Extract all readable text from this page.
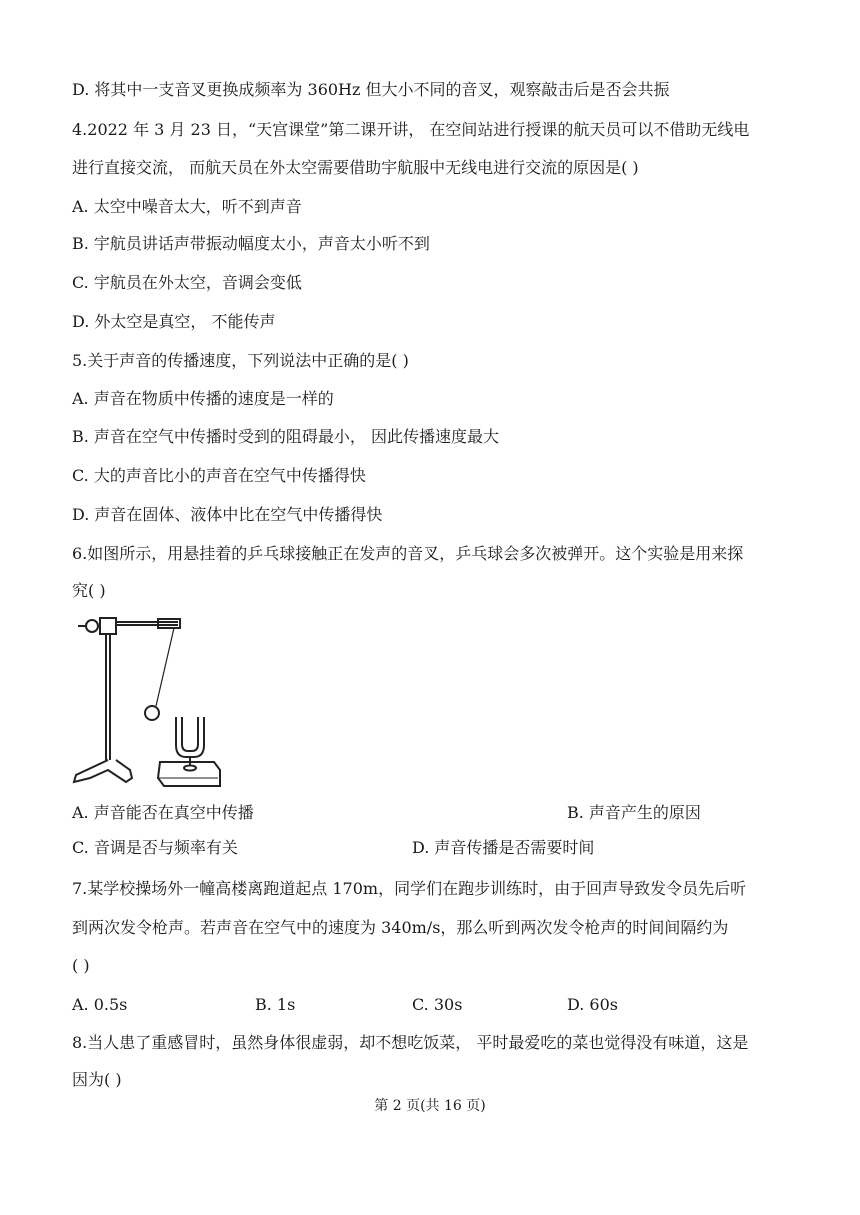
D. 将其中一支音叉更换成频率为 360Hz 但大小不同的音叉，观察敲击后是否会共振
4.2022 年 3 月 23 日，“天宫课堂”第二课开讲， 在空间站进行授课的航天员可以不借助无线电
进行直接交流， 而航天员在外太空需要借助宇航服中无线电进行交流的原因是( )
A. 太空中噪音太大，听不到声音
B. 宇航员讲话声带振动幅度太小，声音太小听不到
C. 宇航员在外太空，音调会变低
D. 外太空是真空， 不能传声
5.关于声音的传播速度，下列说法中正确的是( )
A. 声音在物质中传播的速度是一样的
B. 声音在空气中传播时受到的阻碍最小， 因此传播速度最大
C. 大的声音比小的声音在空气中传播得快
D. 声音在固体、液体中比在空气中传播得快
6.如图所示，用悬挂着的乒乓球接触正在发声的音叉，乒乓球会多次被弹开。这个实验是用来探
究( )
A. 声音能否在真空中传播	B. 声音产生的原因
C. 音调是否与频率有关	D. 声音传播是否需要时间
7.某学校操场外一幢高楼离跑道起点 170m，同学们在跑步训练时，由于回声导致发令员先后听
到两次发令枪声。若声音在空气中的速度为 340m/s，那么听到两次发令枪声的时间间隔约为
( )
A. 0.5s	B. 1s	C. 30s	D. 60s
8.当人患了重感冒时，虽然身体很虚弱，却不想吃饭菜， 平时最爱吃的菜也觉得没有味道，这是
因为( )
第 2 页(共 16 页)
